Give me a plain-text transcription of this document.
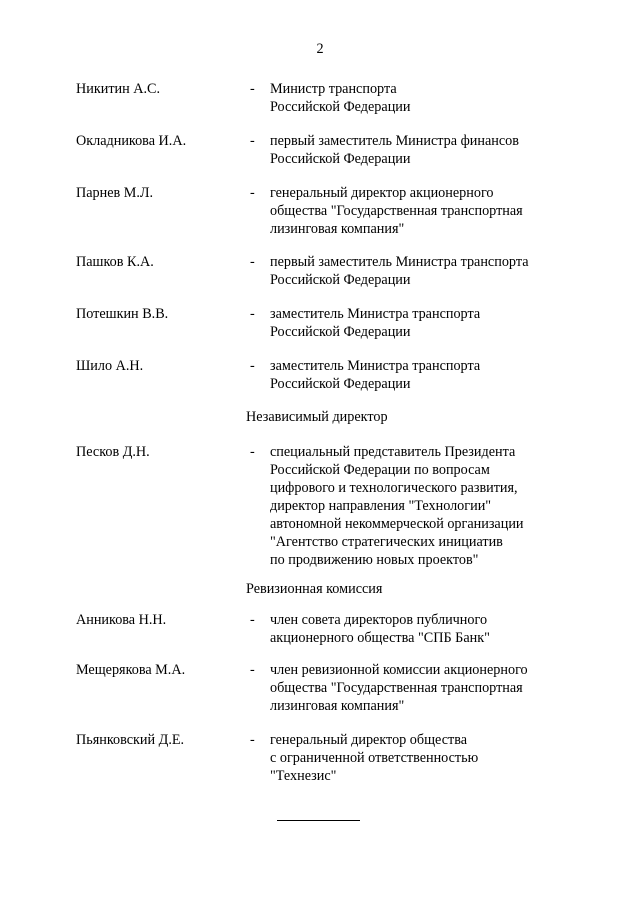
2
Никитин А.С.	- Министр транспорта
Российской Федерации
Окладникова И.А.	- первый заместитель Министра финансов
Российской Федерации
Парнев М.Л.	- генеральный директор акционерного
общества "Государственная транспортная
лизинговая компания"
Пашков К.А.	- первый заместитель Министра транспорта
Российской Федерации
Потешкин В.В.	- заместитель Министра транспорта
Российской Федерации
Шило А.Н.	- заместитель Министра транспорта
Российской Федерации
Независимый директор
Песков Д.Н.	- специальный представитель Президента
Российской Федерации по вопросам
цифрового и технологического развития,
директор направления "Технологии"
автономной некоммерческой организации
"Агентство стратегических инициатив
по продвижению новых проектов"
Ревизионная комиссия
Анникова Н.Н.	- член совета директоров публичного
акционерного общества "СПБ Банк"
Мещерякова М.А.	- член ревизионной комиссии акционерного
общества "Государственная транспортная
лизинговая компания"
Пьянковский Д.Е.	- генеральный директор общества
с ограниченной ответственностью
"Технезис"
